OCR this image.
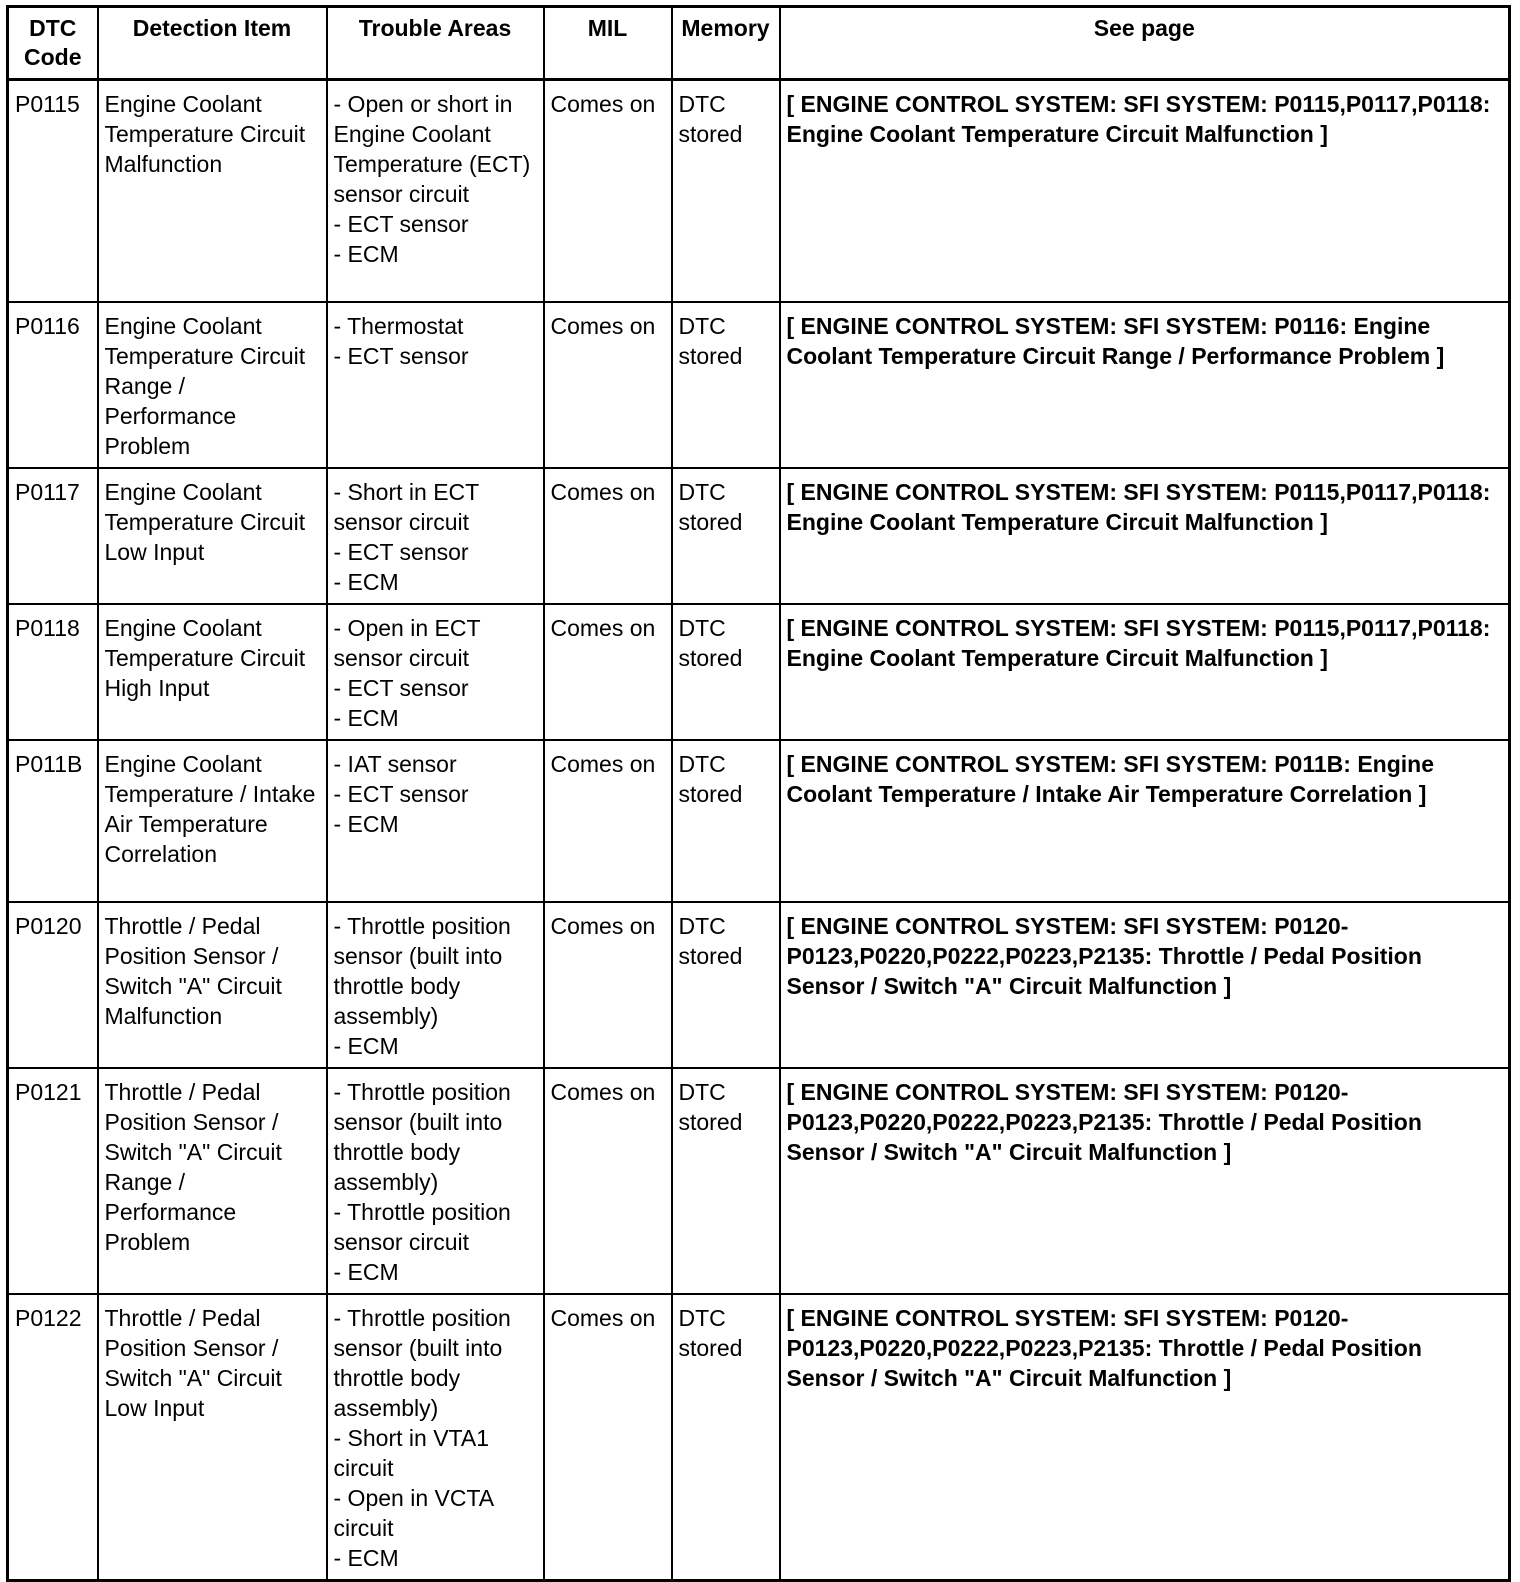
DTC Code	Detection Item	Trouble Areas	MIL	Memory	See page
P0115	Engine Coolant Temperature Circuit Malfunction	- Open or short in Engine Coolant Temperature (ECT) sensor circuit
- ECT sensor
- ECM	Comes on	DTC stored	[ ENGINE CONTROL SYSTEM: SFI SYSTEM: P0115,P0117,P0118: Engine Coolant Temperature Circuit Malfunction ]
P0116	Engine Coolant Temperature Circuit Range / Performance Problem	- Thermostat
- ECT sensor	Comes on	DTC stored	[ ENGINE CONTROL SYSTEM: SFI SYSTEM: P0116: Engine Coolant Temperature Circuit Range / Performance Problem ]
P0117	Engine Coolant Temperature Circuit Low Input	- Short in ECT sensor circuit
- ECT sensor
- ECM	Comes on	DTC stored	[ ENGINE CONTROL SYSTEM: SFI SYSTEM: P0115,P0117,P0118: Engine Coolant Temperature Circuit Malfunction ]
P0118	Engine Coolant Temperature Circuit High Input	- Open in ECT sensor circuit
- ECT sensor
- ECM	Comes on	DTC stored	[ ENGINE CONTROL SYSTEM: SFI SYSTEM: P0115,P0117,P0118: Engine Coolant Temperature Circuit Malfunction ]
P011B	Engine Coolant Temperature / Intake Air Temperature Correlation	- IAT sensor
- ECT sensor
- ECM	Comes on	DTC stored	[ ENGINE CONTROL SYSTEM: SFI SYSTEM: P011B: Engine Coolant Temperature / Intake Air Temperature Correlation ]
P0120	Throttle / Pedal Position Sensor / Switch "A" Circuit Malfunction	- Throttle position sensor (built into throttle body assembly)
- ECM	Comes on	DTC stored	[ ENGINE CONTROL SYSTEM: SFI SYSTEM: P0120-P0123,P0220,P0222,P0223,P2135: Throttle / Pedal Position Sensor / Switch "A" Circuit Malfunction ]
P0121	Throttle / Pedal Position Sensor / Switch "A" Circuit Range / Performance Problem	- Throttle position sensor (built into throttle body assembly)
- Throttle position sensor circuit
- ECM	Comes on	DTC stored	[ ENGINE CONTROL SYSTEM: SFI SYSTEM: P0120-P0123,P0220,P0222,P0223,P2135: Throttle / Pedal Position Sensor / Switch "A" Circuit Malfunction ]
P0122	Throttle / Pedal Position Sensor / Switch "A" Circuit Low Input	- Throttle position sensor (built into throttle body assembly)
- Short in VTA1 circuit
- Open in VCTA circuit
- ECM	Comes on	DTC stored	[ ENGINE CONTROL SYSTEM: SFI SYSTEM: P0120-P0123,P0220,P0222,P0223,P2135: Throttle / Pedal Position Sensor / Switch "A" Circuit Malfunction ]
